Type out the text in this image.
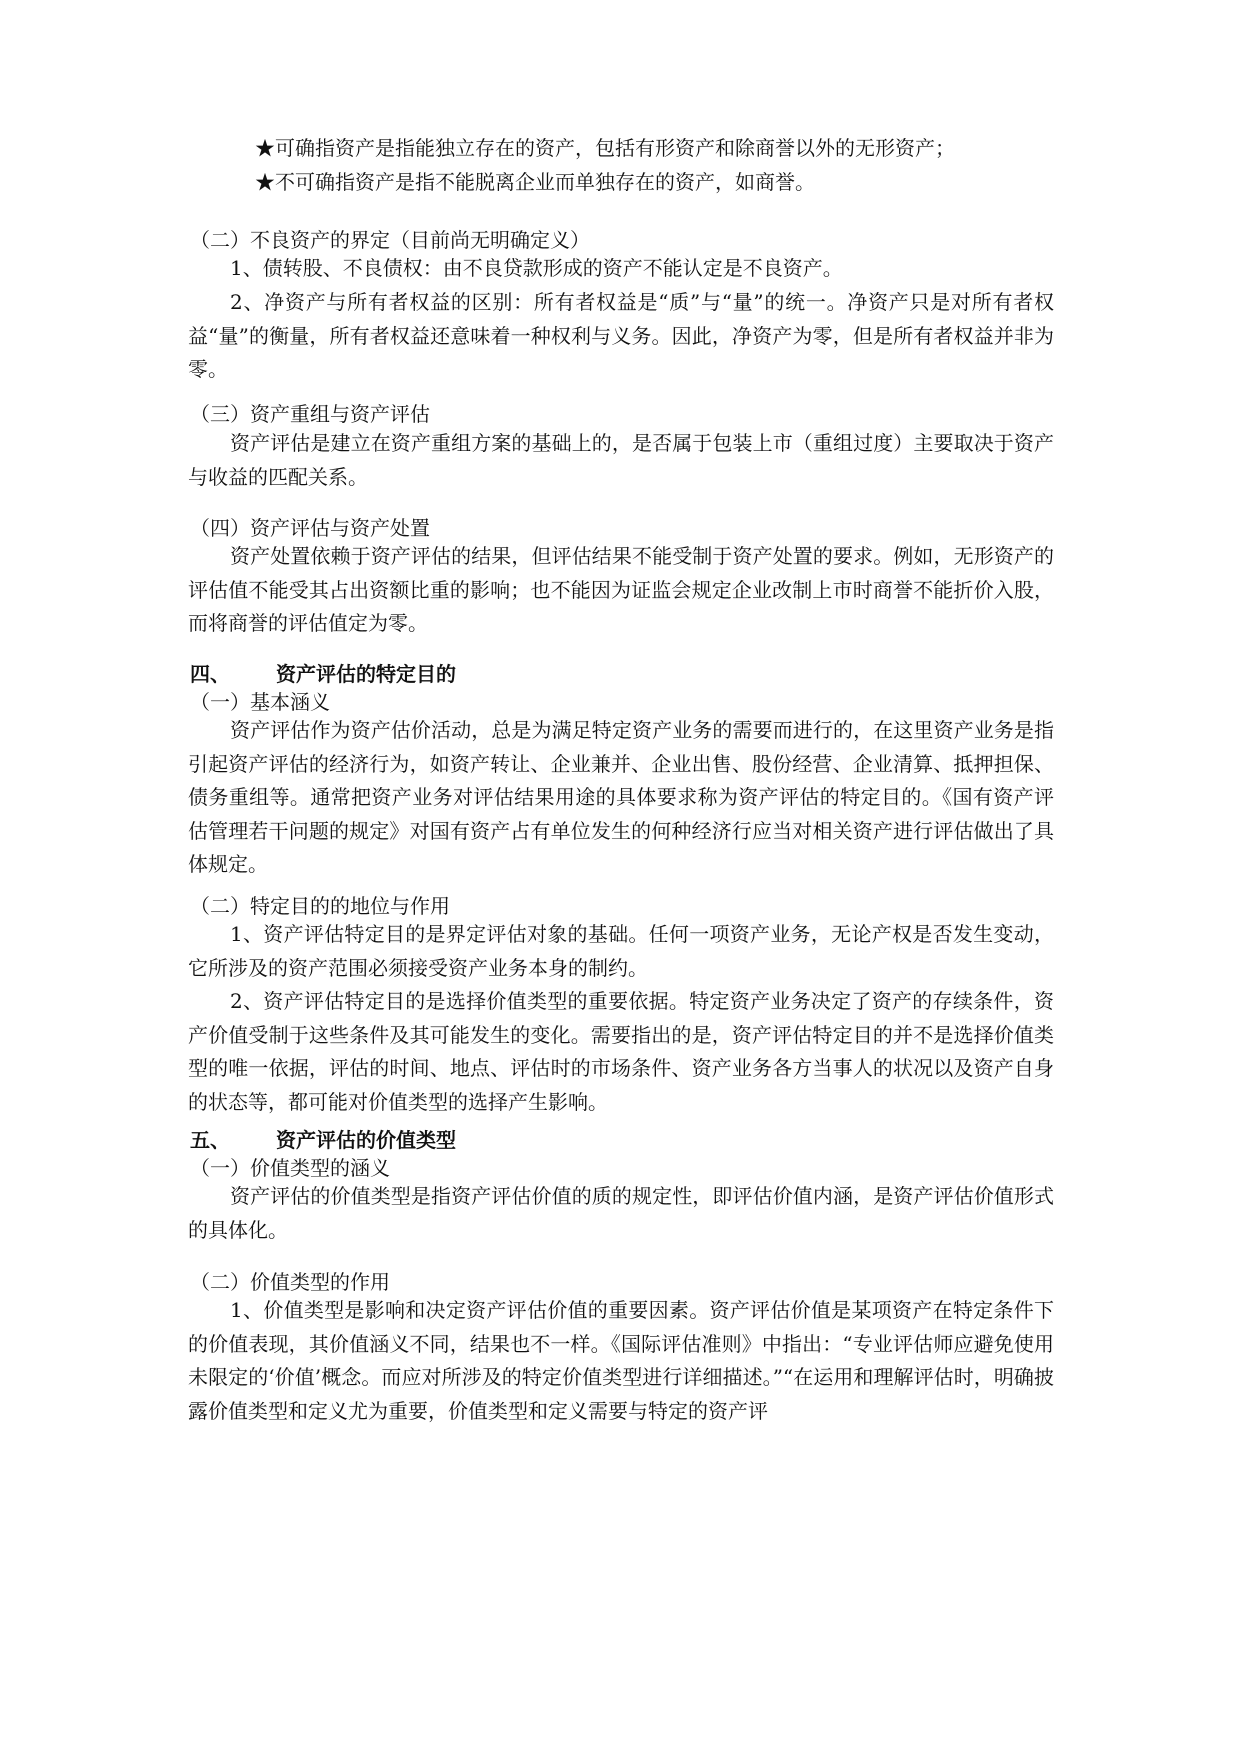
★可确指资产是指能独立存在的资产，包括有形资产和除商誉以外的无形资产；

★不可确指资产是指不能脱离企业而单独存在的资产，如商誉。

（二）不良资产的界定（目前尚无明确定义）

1、债转股、不良债权：由不良贷款形成的资产不能认定是不良资产。

2、净资产与所有者权益的区别：所有者权益是“质”与“量”的统一。净资产只是对所有者权益“量”的衡量，所有者权益还意味着一种权利与义务。因此，净资产为零，但是所有者权益并非为零。

（三）资产重组与资产评估

资产评估是建立在资产重组方案的基础上的，是否属于包装上市（重组过度）主要取决于资产与收益的匹配关系。

（四）资产评估与资产处置

资产处置依赖于资产评估的结果，但评估结果不能受制于资产处置的要求。例如，无形资产的评估值不能受其占出资额比重的影响；也不能因为证监会规定企业改制上市时商誉不能折价入股，而将商誉的评估值定为零。

四、 资产评估的特定目的

（一）基本涵义

资产评估作为资产估价活动，总是为满足特定资产业务的需要而进行的，在这里资产业务是指引起资产评估的经济行为，如资产转让、企业兼并、企业出售、股份经营、企业清算、抵押担保、债务重组等。通常把资产业务对评估结果用途的具体要求称为资产评估的特定目的。《国有资产评估管理若干问题的规定》对国有资产占有单位发生的何种经济行应当对相关资产进行评估做出了具体规定。

（二）特定目的的地位与作用

1、资产评估特定目的是界定评估对象的基础。任何一项资产业务，无论产权是否发生变动，它所涉及的资产范围必须接受资产业务本身的制约。

2、资产评估特定目的是选择价值类型的重要依据。特定资产业务决定了资产的存续条件，资产价值受制于这些条件及其可能发生的变化。需要指出的是，资产评估特定目的并不是选择价值类型的唯一依据，评估的时间、地点、评估时的市场条件、资产业务各方当事人的状况以及资产自身的状态等，都可能对价值类型的选择产生影响。

五、 资产评估的价值类型

（一）价值类型的涵义

资产评估的价值类型是指资产评估价值的质的规定性，即评估价值内涵，是资产评估价值形式的具体化。

（二）价值类型的作用

1、价值类型是影响和决定资产评估价值的重要因素。资产评估价值是某项资产在特定条件下的价值表现，其价值涵义不同，结果也不一样。《国际评估准则》中指出：“专业评估师应避免使用未限定的‘价值’概念。而应对所涉及的特定价值类型进行详细描述。”“在运用和理解评估时，明确披露价值类型和定义尤为重要，价值类型和定义需要与特定的资产评
